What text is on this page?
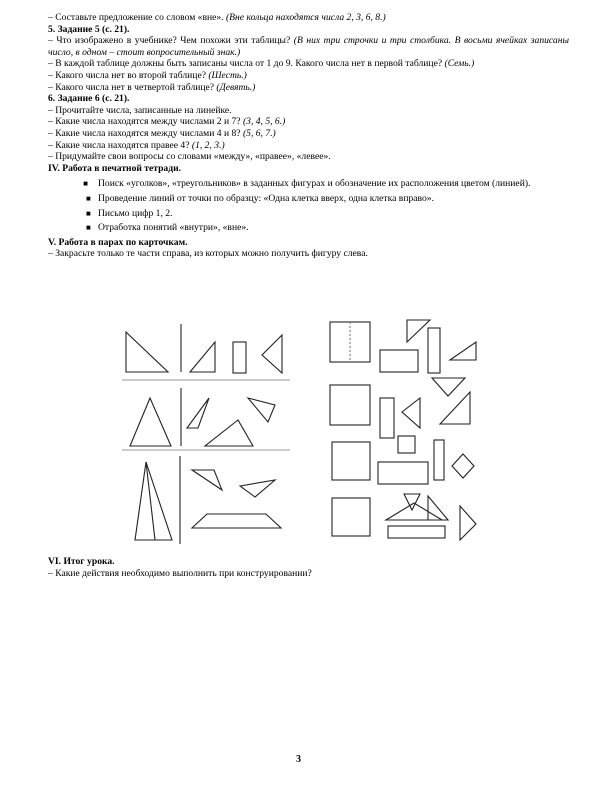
– Составьте предложение со словом «вне». (Вне кольца находятся числа 2, 3, 6, 8.)

5. Задание 5 (с. 21).

– Что изображено в учебнике? Чем похожи эти таблицы? (В них три строчки и три столбика. В восьми ячейках записаны число, в одном – стоит вопросительный знак.)

– В каждой таблице должны быть записаны числа от 1 до 9. Какого числа нет в первой таблице? (Семь.)

– Какого числа нет во второй таблице? (Шесть.)

– Какого числа нет в четвертой таблице? (Девять.)

6. Задание 6 (с. 21).

– Прочитайте числа, записанные на линейке.

– Какие числа находятся между числами 2 и 7? (3, 4, 5, 6.)

– Какие числа находятся между числами 4 и 8? (5, 6, 7.)

– Какие числа находятся правее 4? (1, 2, 3.)

– Придумайте свои вопросы со словами «между», «правее», «левее».

IV. Работа в печатной тетради.

■ Поиск «уголков», «треугольников» в заданных фигурах и обозначение их расположения цветом (линией).

■ Проведение линий от точки по образцу: «Одна клетка вверх, одна клетка вправо».

■ Письмо цифр 1, 2.

■ Отработка понятий «внутри», «вне».

V. Работа в парах по карточкам.

– Закрасьте только те части справа, из которых можно получить фигуру слева.

VI. Итог урока.

– Какие действия необходимо выполнить при конструировании?

3
